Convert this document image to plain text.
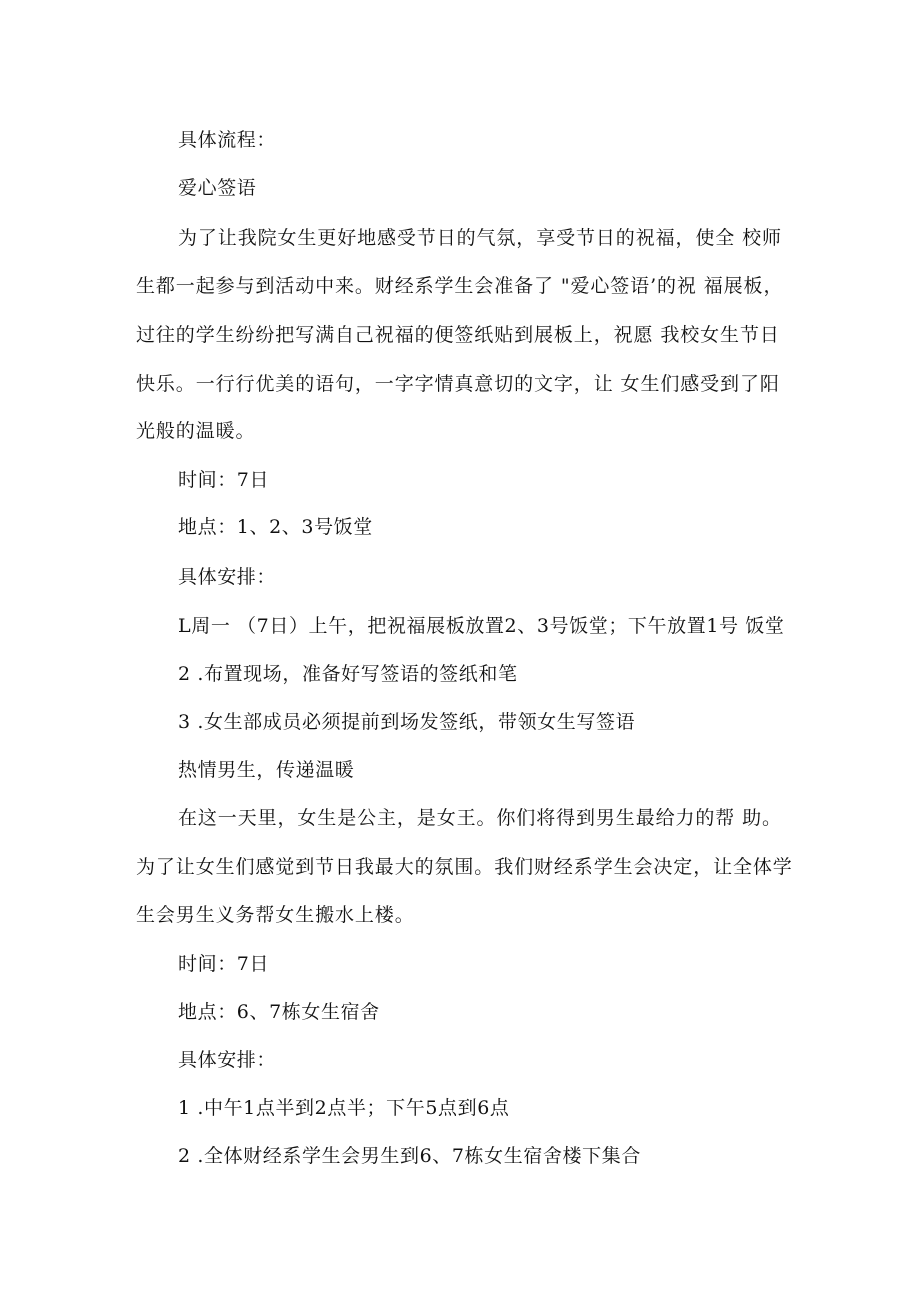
具体流程：
爱心签语
为了让我院女生更好地感受节日的气氛，享受节日的祝福，使全 校师
生都一起参与到活动中来。财经系学生会准备了 "爱心签语’的祝 福展板，
过往的学生纷纷把写满自己祝福的便签纸贴到展板上，祝愿 我校女生节日
快乐。一行行优美的语句，一字字情真意切的文字，让 女生们感受到了阳
光般的温暖。
时间：7日
地点：1、2、3号饭堂
具体安排：
L周一 （7日）上午，把祝福展板放置2、3号饭堂；下午放置1号 饭堂
2 .布置现场，准备好写签语的签纸和笔
3 .女生部成员必须提前到场发签纸，带领女生写签语
热情男生，传递温暖
在这一天里，女生是公主，是女王。你们将得到男生最给力的帮 助。
为了让女生们感觉到节日我最大的氛围。我们财经系学生会决定，让全体学
生会男生义务帮女生搬水上楼。
时间：7日
地点：6、7栋女生宿舍
具体安排：
1 .中午1点半到2点半；下午5点到6点
2 .全体财经系学生会男生到6、7栋女生宿舍楼下集合
